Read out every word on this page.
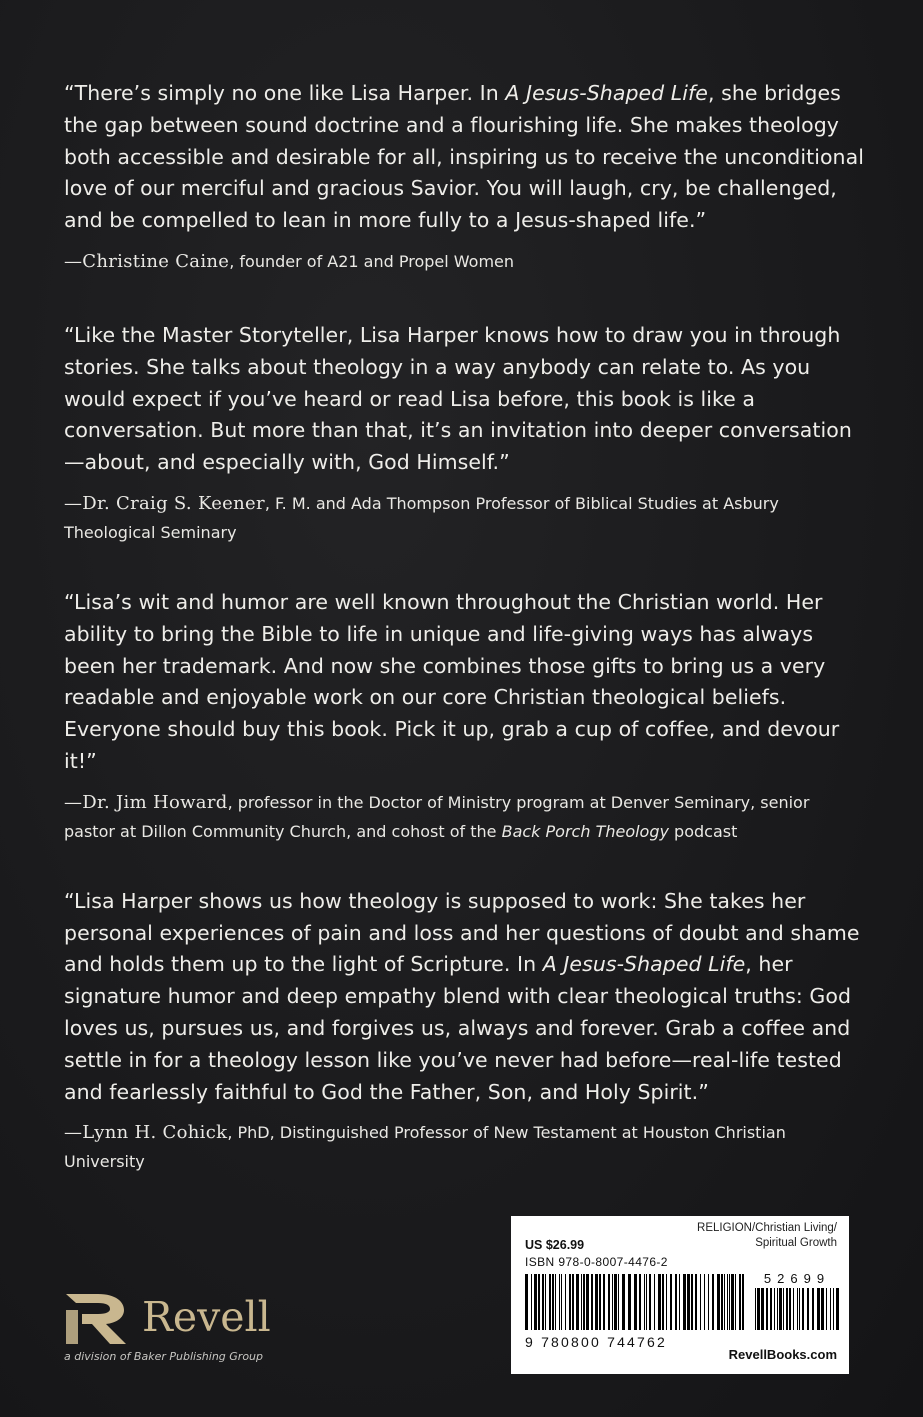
“There’s simply no one like Lisa Harper. In A Jesus-Shaped Life, she bridges the gap between sound doctrine and a flourishing life. She makes theology both accessible and desirable for all, inspiring us to receive the unconditional love of our merciful and gracious Savior. You will laugh, cry, be challenged, and be compelled to lean in more fully to a Jesus-shaped life.”

—Christine Caine, founder of A21 and Propel Women

“Like the Master Storyteller, Lisa Harper knows how to draw you in through stories. She talks about theology in a way anybody can relate to. As you would expect if you’ve heard or read Lisa before, this book is like a conversation. But more than that, it’s an invitation into deeper conversation—about, and especially with, God Himself.”

—Dr. Craig S. Keener, F. M. and Ada Thompson Professor of Biblical Studies at Asbury Theological Seminary

“Lisa’s wit and humor are well known throughout the Christian world. Her ability to bring the Bible to life in unique and life-giving ways has always been her trademark. And now she combines those gifts to bring us a very readable and enjoyable work on our core Christian theological beliefs. Everyone should buy this book. Pick it up, grab a cup of coffee, and devour it!”

—Dr. Jim Howard, professor in the Doctor of Ministry program at Denver Seminary, senior pastor at Dillon Community Church, and cohost of the Back Porch Theology podcast

“Lisa Harper shows us how theology is supposed to work: She takes her personal experiences of pain and loss and her questions of doubt and shame and holds them up to the light of Scripture. In A Jesus-Shaped Life, her signature humor and deep empathy blend with clear theological truths: God loves us, pursues us, and forgives us, always and forever. Grab a coffee and settle in for a theology lesson like you’ve never had before—real-life tested and fearlessly faithful to God the Father, Son, and Holy Spirit.”

—Lynn H. Cohick, PhD, Distinguished Professor of New Testament at Houston Christian University

Revell
a division of Baker Publishing Group
RELIGION/Christian Living/
Spiritual Growth
US $26.99
ISBN 978-0-8007-4476-2
52699
9 780800 744762
RevellBooks.com
